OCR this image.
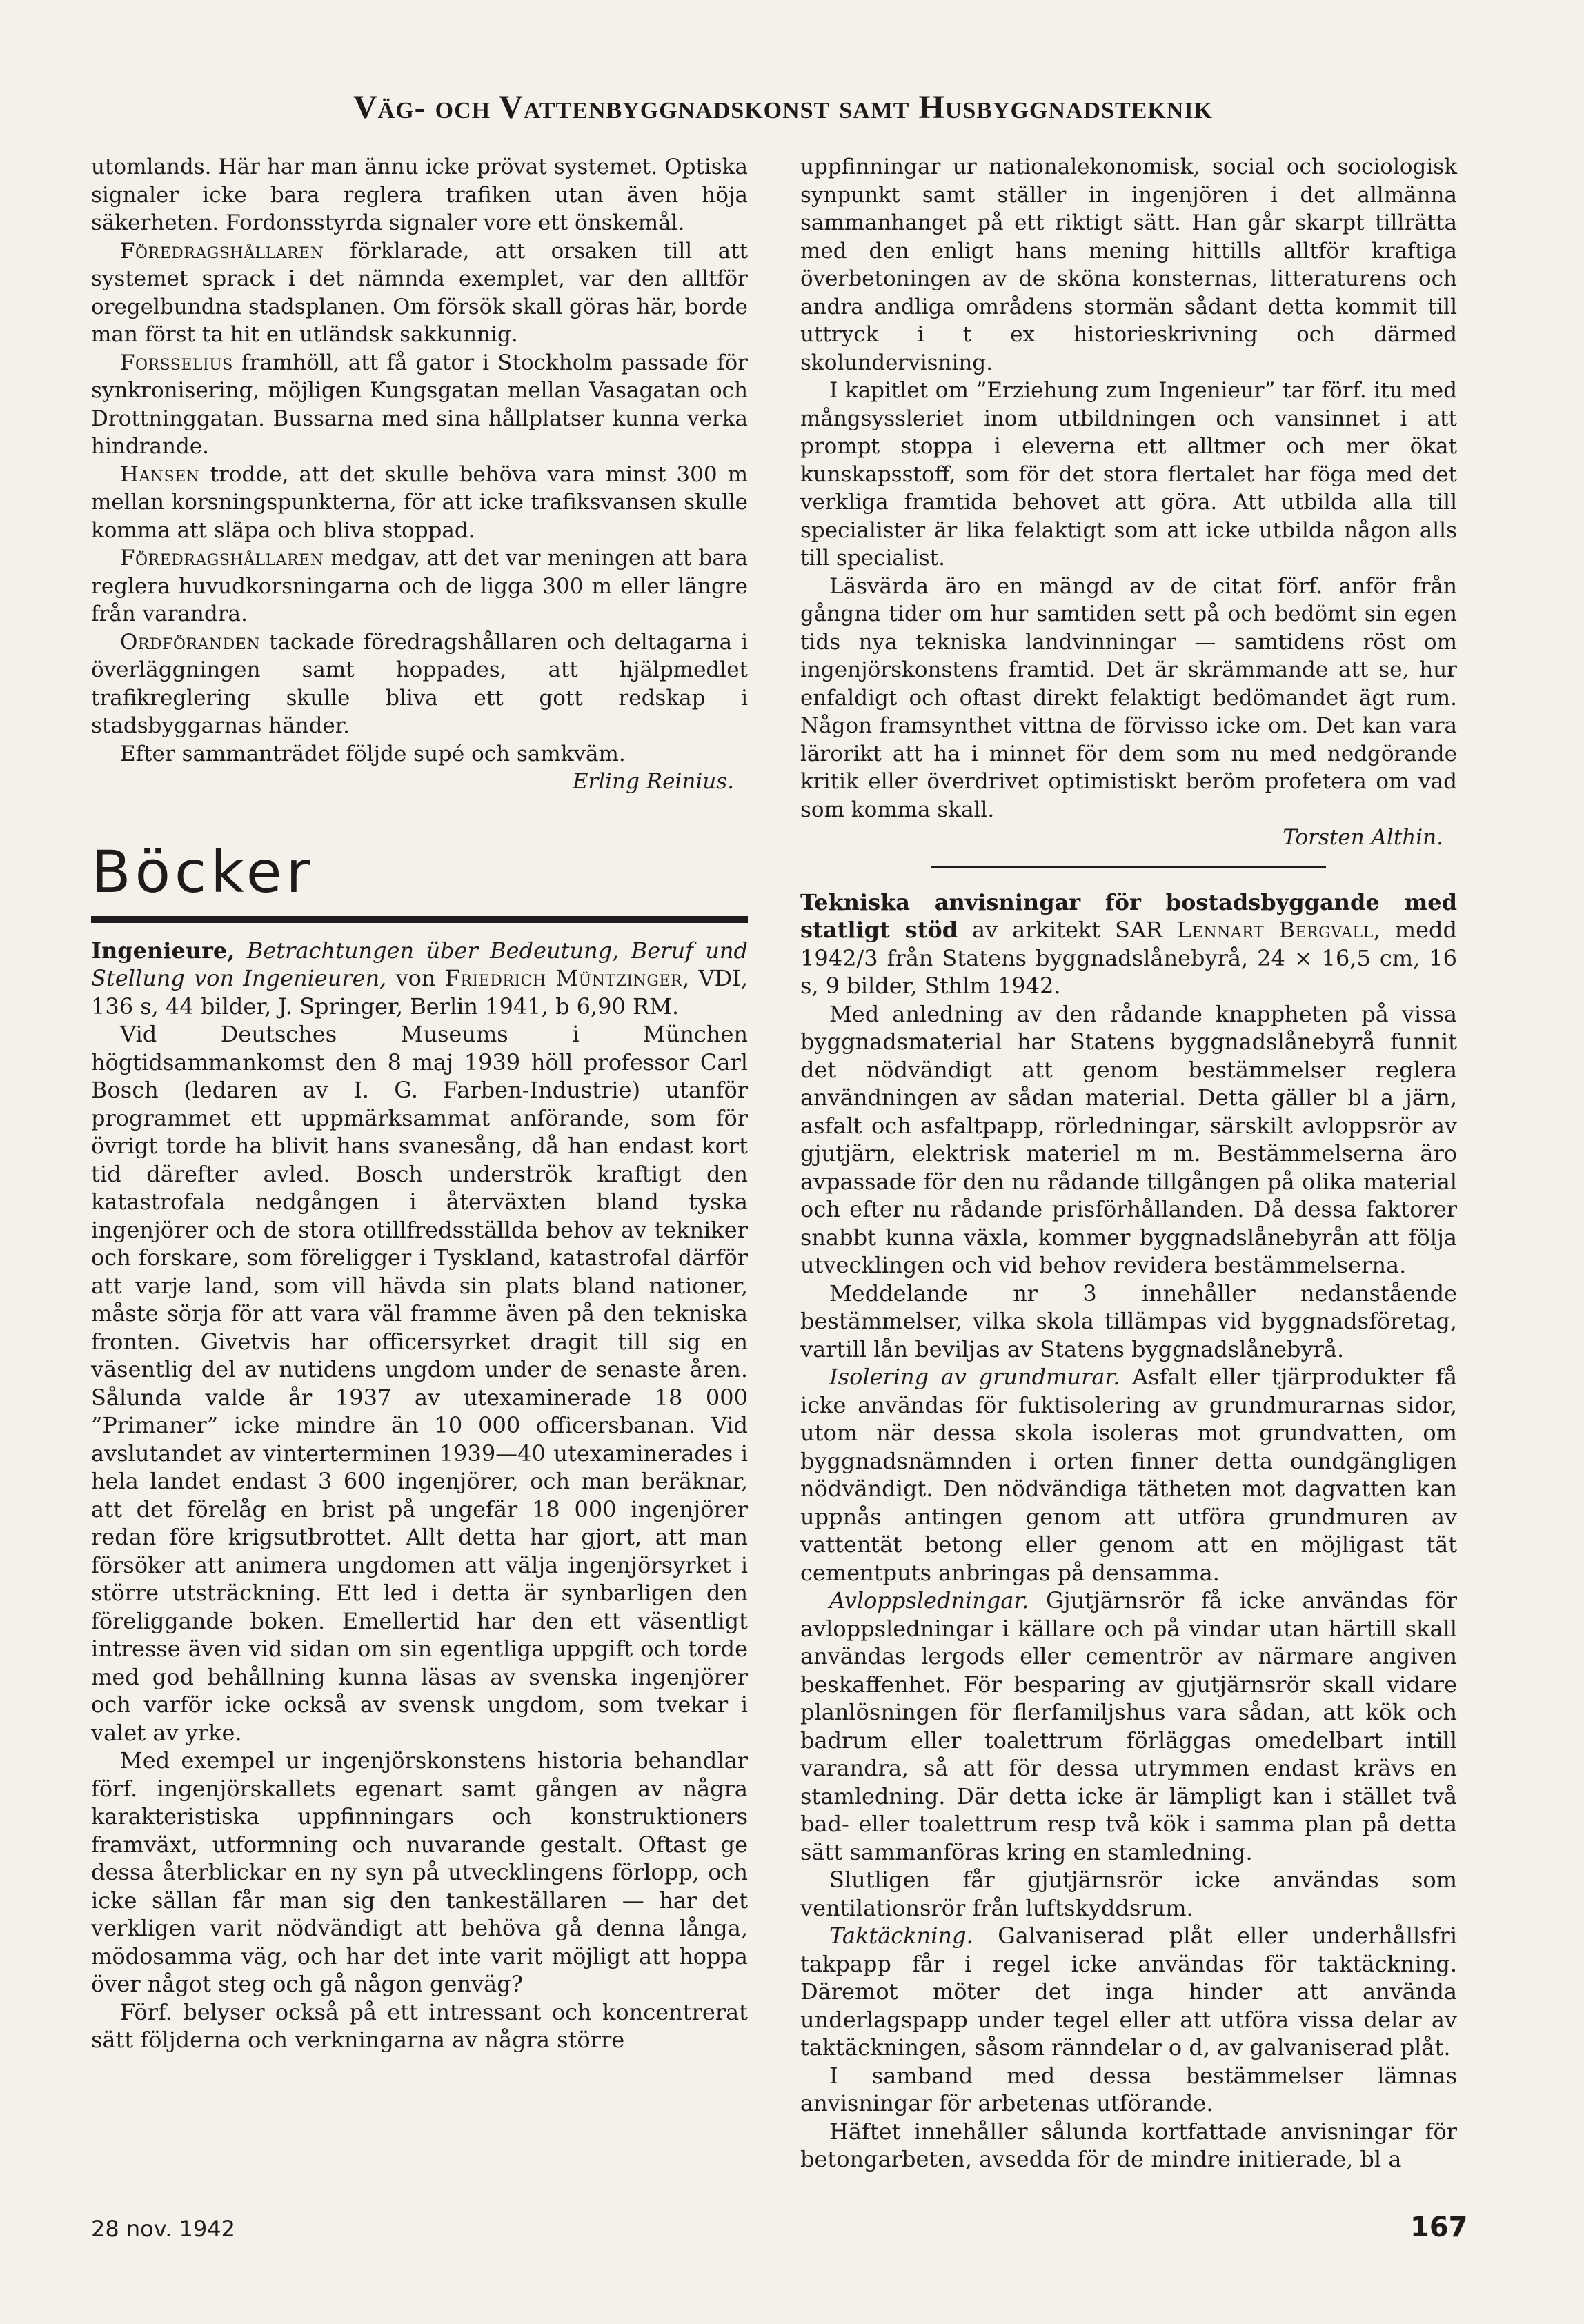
Väg- och Vattenbyggnadskonst samt Husbyggnadsteknik

utomlands. Här har man ännu icke prövat systemet. Optiska signaler icke bara reglera trafiken utan även höja säkerheten. Fordonsstyrda signaler vore ett önskemål.

Föredragshållaren förklarade, att orsaken till att systemet sprack i det nämnda exemplet, var den alltför oregelbundna stadsplanen. Om försök skall göras här, borde man först ta hit en utländsk sakkunnig.

Forsselius framhöll, att få gator i Stockholm passade för synkronisering, möjligen Kungsgatan mellan Vasagatan och Drottninggatan. Bussarna med sina hållplatser kunna verka hindrande.

Hansen trodde, att det skulle behöva vara minst 300 m mellan korsningspunkterna, för att icke trafiksvansen skulle komma att släpa och bliva stoppad.

Föredragshållaren medgav, att det var meningen att bara reglera huvudkorsningarna och de ligga 300 m eller längre från varandra.

Ordföranden tackade föredragshållaren och deltagarna i överläggningen samt hoppades, att hjälpmedlet trafikreglering skulle bliva ett gott redskap i stadsbyggarnas händer.

Efter sammanträdet följde supé och samkväm.

Erling Reinius.

Böcker

Ingenieure, Betrachtungen über Bedeutung, Beruf und Stellung von Ingenieuren, von Friedrich Müntzinger, VDI, 136 s, 44 bilder, J. Springer, Berlin 1941, b 6,90 RM.

Vid Deutsches Museums i München högtidsammankomst den 8 maj 1939 höll professor Carl Bosch (ledaren av I. G. Farben-Industrie) utanför programmet ett uppmärksammat anförande, som för övrigt torde ha blivit hans svanesång, då han endast kort tid därefter avled. Bosch underströk kraftigt den katastrofala nedgången i återväxten bland tyska ingenjörer och de stora otillfredsställda behov av tekniker och forskare, som föreligger i Tyskland, katastrofal därför att varje land, som vill hävda sin plats bland nationer, måste sörja för att vara väl framme även på den tekniska fronten. Givetvis har officersyrket dragit till sig en väsentlig del av nutidens ungdom under de senaste åren. Sålunda valde år 1937 av utexaminerade 18 000 ”Primaner” icke mindre än 10 000 officersbanan. Vid avslutandet av vinterterminen 1939—40 utexaminerades i hela landet endast 3 600 ingenjörer, och man beräknar, att det förelåg en brist på ungefär 18 000 ingenjörer redan före krigsutbrottet. Allt detta har gjort, att man försöker att animera ungdomen att välja ingenjörsyrket i större utsträckning. Ett led i detta är synbarligen den föreliggande boken. Emellertid har den ett väsentligt intresse även vid sidan om sin egentliga uppgift och torde med god behållning kunna läsas av svenska ingenjörer och varför icke också av svensk ungdom, som tvekar i valet av yrke.

Med exempel ur ingenjörskonstens historia behandlar förf. ingenjörskallets egenart samt gången av några karakteristiska uppfinningars och konstruktioners framväxt, utformning och nuvarande gestalt. Oftast ge dessa återblickar en ny syn på utvecklingens förlopp, och icke sällan får man sig den tankeställaren — har det verkligen varit nödvändigt att behöva gå denna långa, mödosamma väg, och har det inte varit möjligt att hoppa över något steg och gå någon genväg?

Förf. belyser också på ett intressant och koncentrerat sätt följderna och verkningarna av några större

uppfinningar ur nationalekonomisk, social och sociologisk synpunkt samt ställer in ingenjören i det allmänna sammanhanget på ett riktigt sätt. Han går skarpt tillrätta med den enligt hans mening hittills alltför kraftiga överbetoningen av de sköna konsternas, litteraturens och andra andliga områdens stormän sådant detta kommit till uttryck i t ex historieskrivning och därmed skolundervisning.

I kapitlet om ”Erziehung zum Ingenieur” tar förf. itu med mångsyssleriet inom utbildningen och vansinnet i att prompt stoppa i eleverna ett alltmer och mer ökat kunskapsstoff, som för det stora flertalet har föga med det verkliga framtida behovet att göra. Att utbilda alla till specialister är lika felaktigt som att icke utbilda någon alls till specialist.

Läsvärda äro en mängd av de citat förf. anför från gångna tider om hur samtiden sett på och bedömt sin egen tids nya tekniska landvinningar — samtidens röst om ingenjörskonstens framtid. Det är skrämmande att se, hur enfaldigt och oftast direkt felaktigt bedömandet ägt rum. Någon framsynthet vittna de förvisso icke om. Det kan vara lärorikt att ha i minnet för dem som nu med nedgörande kritik eller överdrivet optimistiskt beröm profetera om vad som komma skall.

Torsten Althin.

Tekniska anvisningar för bostadsbyggande med statligt stöd av arkitekt SAR Lennart Bergvall, medd 1942/3 från Statens byggnadslånebyrå, 24 × 16,5 cm, 16 s, 9 bilder, Sthlm 1942.

Med anledning av den rådande knappheten på vissa byggnadsmaterial har Statens byggnadslånebyrå funnit det nödvändigt att genom bestämmelser reglera användningen av sådan material. Detta gäller bl a järn, asfalt och asfaltpapp, rörledningar, särskilt avloppsrör av gjutjärn, elektrisk materiel m m. Bestämmelserna äro avpassade för den nu rådande tillgången på olika material och efter nu rådande prisförhållanden. Då dessa faktorer snabbt kunna växla, kommer byggnadslånebyrån att följa utvecklingen och vid behov revidera bestämmelserna.

Meddelande nr 3 innehåller nedanstående bestämmelser, vilka skola tillämpas vid byggnadsföretag, vartill lån beviljas av Statens byggnadslånebyrå.

Isolering av grundmurar. Asfalt eller tjärprodukter få icke användas för fuktisolering av grundmurarnas sidor, utom när dessa skola isoleras mot grundvatten, om byggnadsnämnden i orten finner detta oundgängligen nödvändigt. Den nödvändiga tätheten mot dagvatten kan uppnås antingen genom att utföra grundmuren av vattentät betong eller genom att en möjligast tät cementputs anbringas på densamma.

Avloppsledningar. Gjutjärnsrör få icke användas för avloppsledningar i källare och på vindar utan härtill skall användas lergods eller cementrör av närmare angiven beskaffenhet. För besparing av gjutjärnsrör skall vidare planlösningen för flerfamiljshus vara sådan, att kök och badrum eller toalettrum förläggas omedelbart intill varandra, så att för dessa utrymmen endast krävs en stamledning. Där detta icke är lämpligt kan i stället två bad- eller toalettrum resp två kök i samma plan på detta sätt sammanföras kring en stamledning.

Slutligen får gjutjärnsrör icke användas som ventilationsrör från luftskyddsrum.

Taktäckning. Galvaniserad plåt eller underhållsfri takpapp får i regel icke användas för taktäckning. Däremot möter det inga hinder att använda underlagspapp under tegel eller att utföra vissa delar av taktäckningen, såsom ränndelar o d, av galvaniserad plåt.

I samband med dessa bestämmelser lämnas anvisningar för arbetenas utförande.

Häftet innehåller sålunda kortfattade anvisningar för betongarbeten, avsedda för de mindre initierade, bl a

28 nov. 1942	167
